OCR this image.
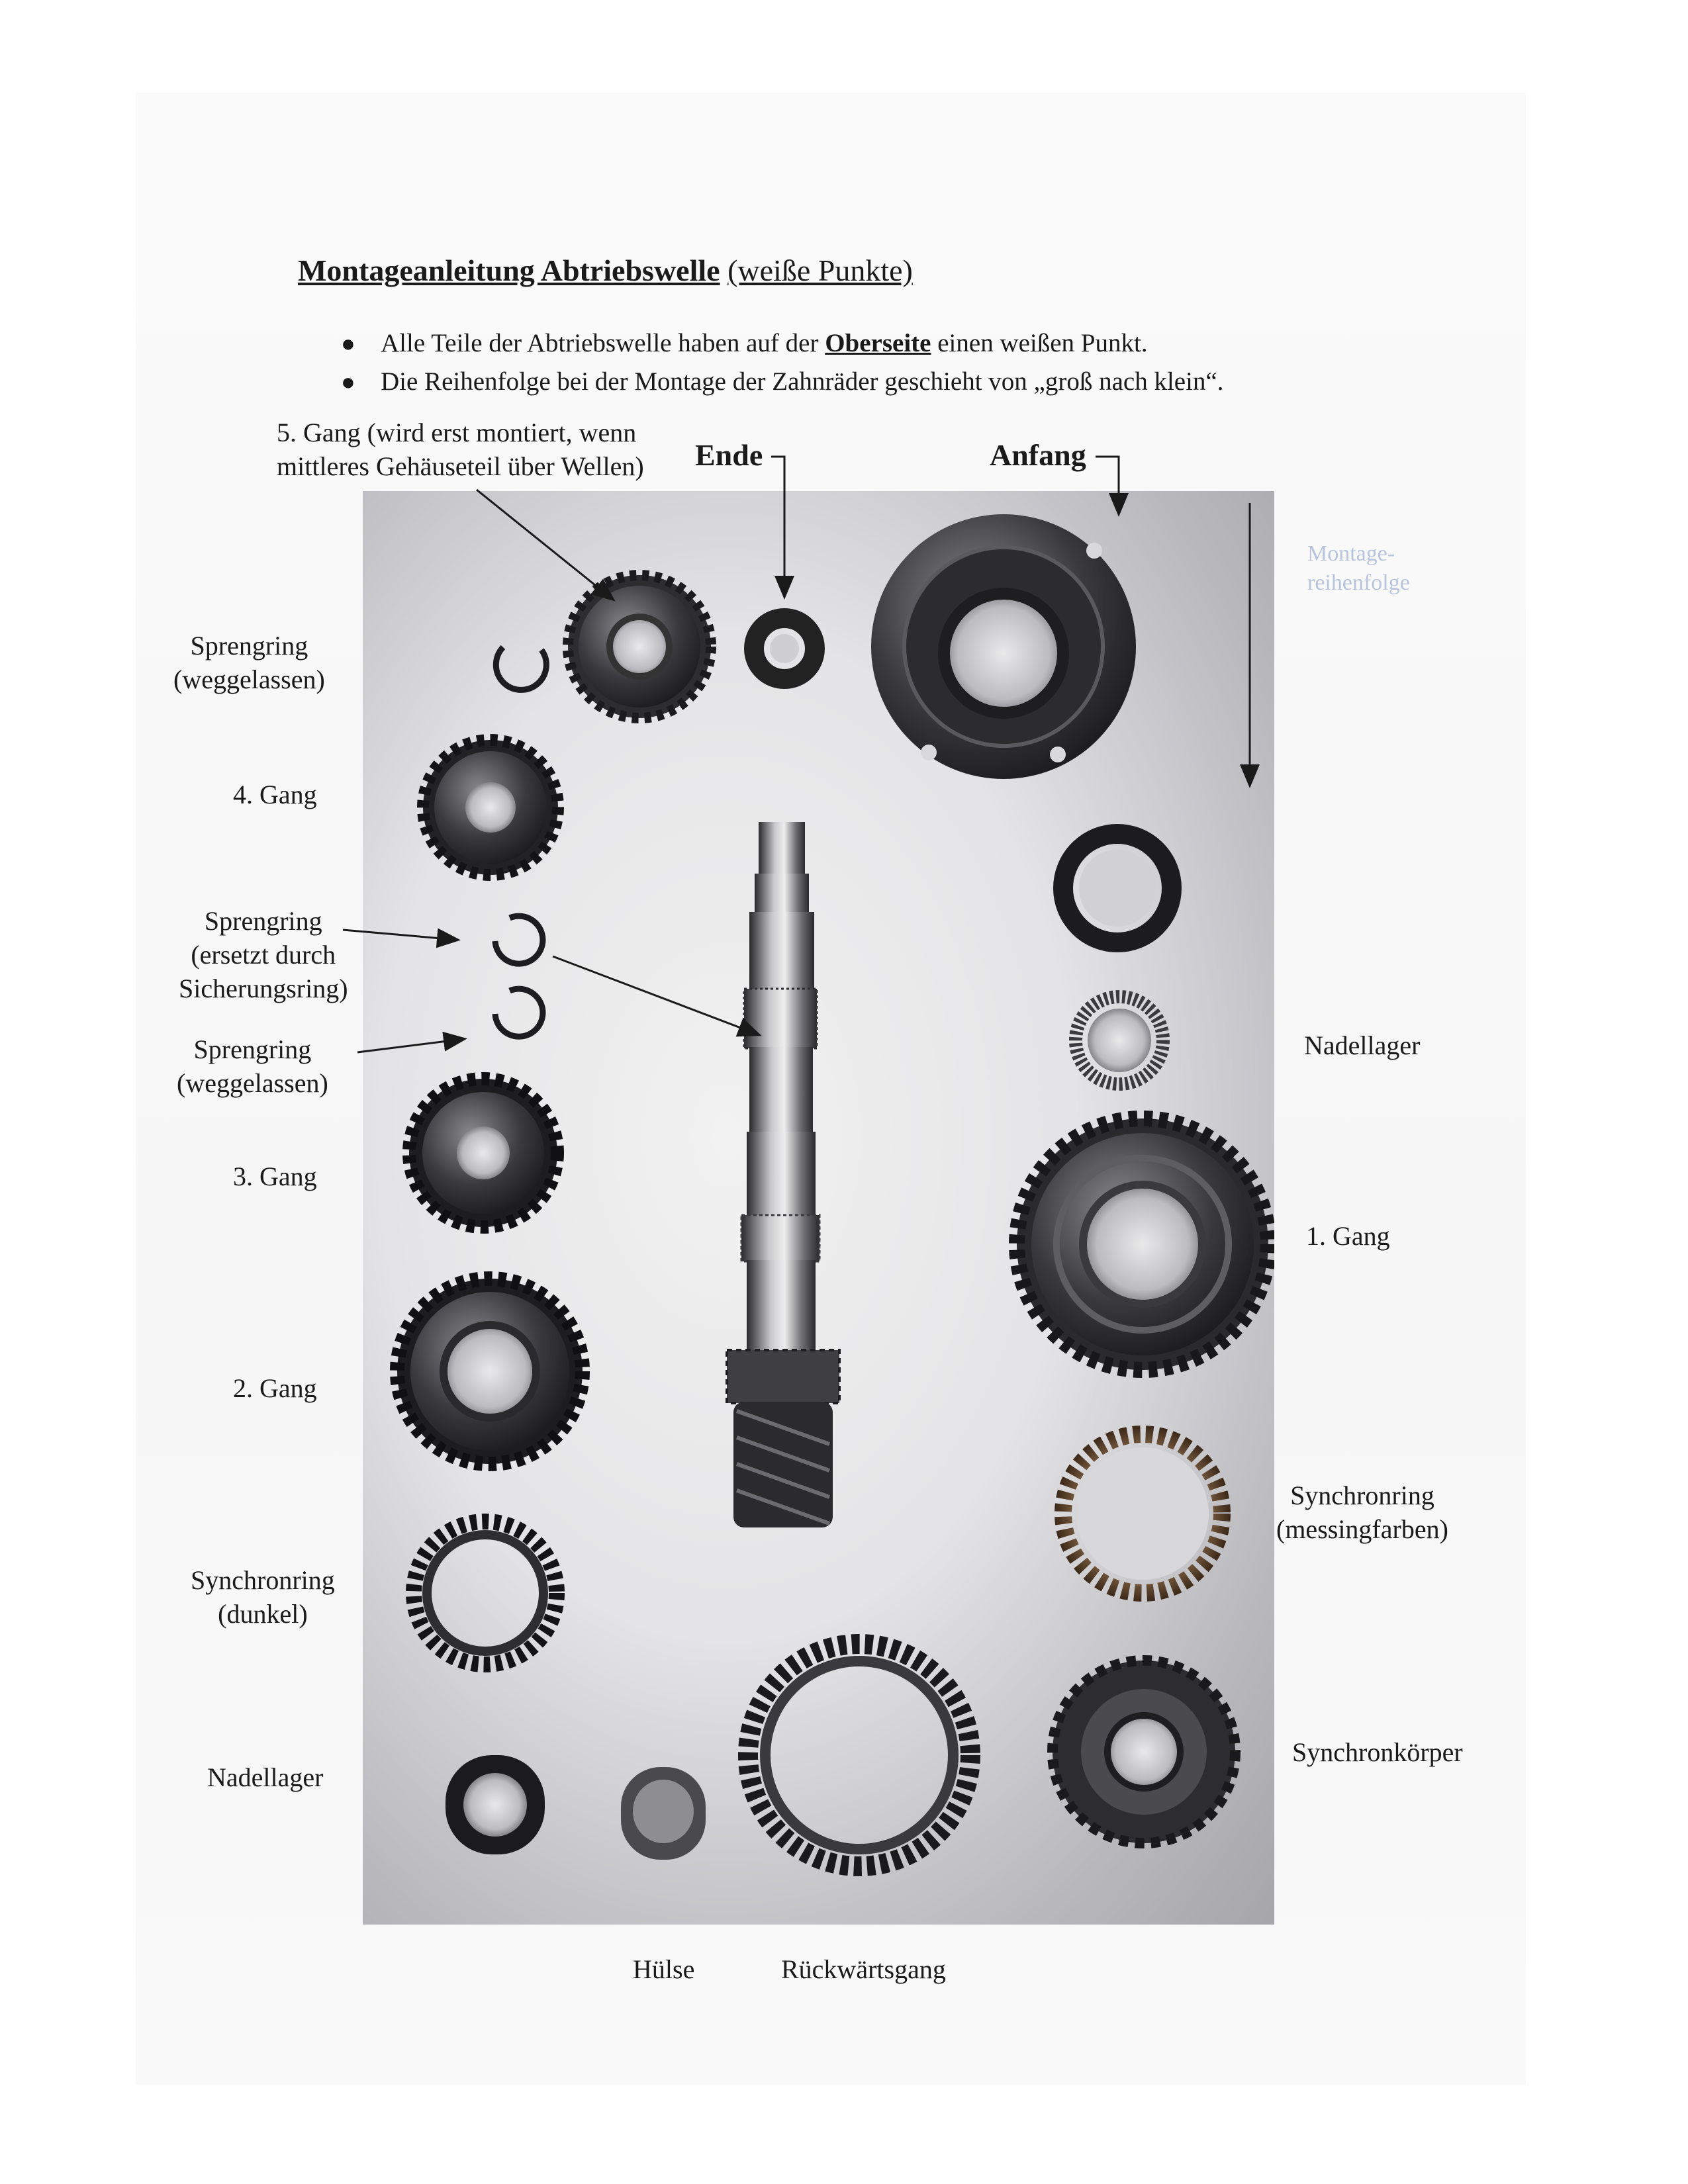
Montageanleitung Abtriebswelle (weiße Punkte)
● Alle Teile der Abtriebswelle haben auf der Oberseite einen weißen Punkt.
● Die Reihenfolge bei der Montage der Zahnräder geschieht von „groß nach klein“.
5. Gang (wird erst montiert, wenn
mittleres Gehäuseteil über Wellen) Ende	Anfang
Montage-
reihenfolge
Sprengring
(weggelassen)
4. Gang
Sprengring
(ersetzt durch
Sicherungsring)
Sprengring
(weggelassen)
3. Gang
2. Gang
Synchronring
(dunkel)
Nadellager
Nadellager
1. Gang
Synchronring
(messingfarben)
Synchronkörper
Hülse	Rückwärtsgang
